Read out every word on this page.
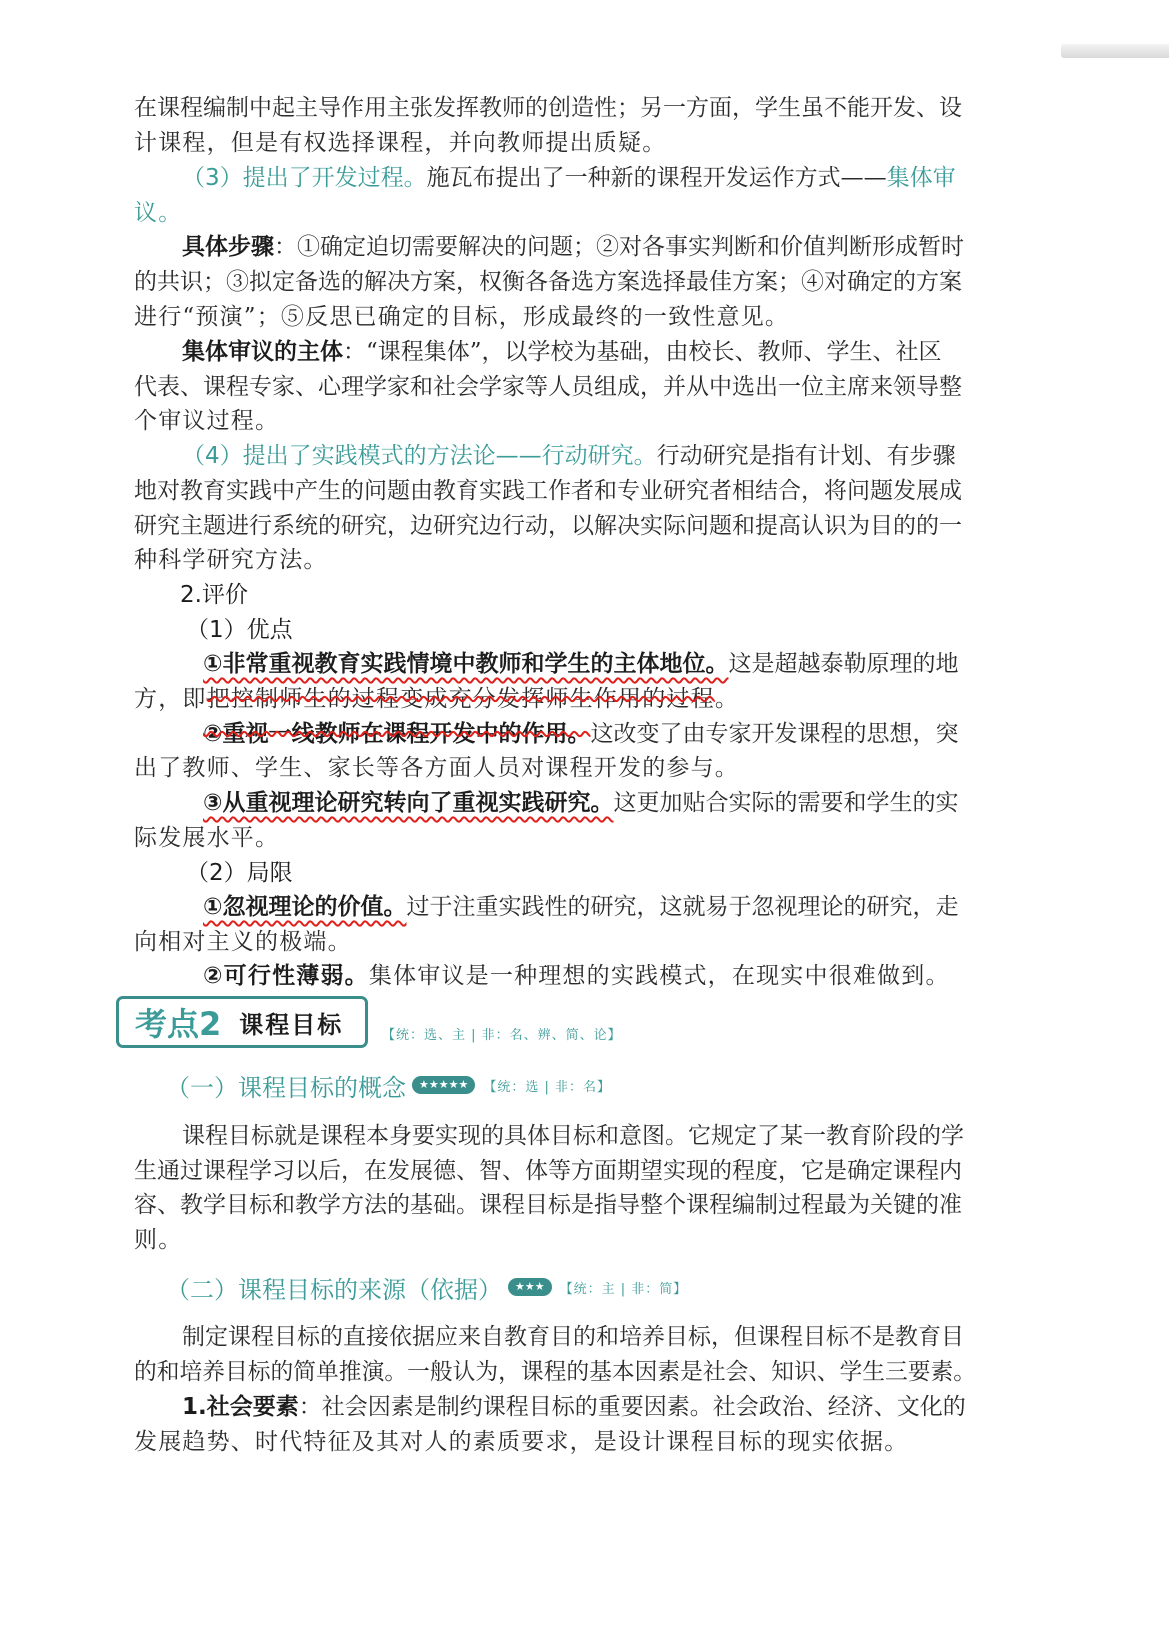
在课程编制中起主导作用主张发挥教师的创造性；另一方面，学生虽不能开发、设

计课程，但是有权选择课程，并向教师提出质疑。

（3）提出了开发过程。施瓦布提出了一种新的课程开发运作方式——集体审

议。

具体步骤：①确定迫切需要解决的问题；②对各事实判断和价值判断形成暂时

的共识；③拟定备选的解决方案，权衡各备选方案选择最佳方案；④对确定的方案

进行“预演”；⑤反思已确定的目标，形成最终的一致性意见。

集体审议的主体：“课程集体”，以学校为基础，由校长、教师、学生、社区

代表、课程专家、心理学家和社会学家等人员组成，并从中选出一位主席来领导整

个审议过程。

（4）提出了实践模式的方法论——行动研究。行动研究是指有计划、有步骤

地对教育实践中产生的问题由教育实践工作者和专业研究者相结合，将问题发展成

研究主题进行系统的研究，边研究边行动，以解决实际问题和提高认识为目的的一

种科学研究方法。

2.评价

（1）优点

①非常重视教育实践情境中教师和学生的主体地位。这是超越泰勒原理的地

方，即把控制师生的过程变成充分发挥师生作用的过程。

②重视一线教师在课程开发中的作用。这改变了由专家开发课程的思想，突

出了教师、学生、家长等各方面人员对课程开发的参与。

③从重视理论研究转向了重视实践研究。这更加贴合实际的需要和学生的实

际发展水平。

（2）局限

①忽视理论的价值。过于注重实践性的研究，这就易于忽视理论的研究，走

向相对主义的极端。

②可行性薄弱。集体审议是一种理想的实践模式，在现实中很难做到。

考点2 课程目标	【统：选、主 | 非：名、辨、简、论】
（一）课程目标的概念	★★★★★	【统：选 | 非：名】

课程目标就是课程本身要实现的具体目标和意图。它规定了某一教育阶段的学

生通过课程学习以后，在发展德、智、体等方面期望实现的程度，它是确定课程内

容、教学目标和教学方法的基础。课程目标是指导整个课程编制过程最为关键的准

则。

（二）课程目标的来源（依据）	★★★	【统：主 | 非：简】

制定课程目标的直接依据应来自教育目的和培养目标，但课程目标不是教育目

的和培养目标的简单推演。一般认为，课程的基本因素是社会、知识、学生三要素。

1.社会要素：社会因素是制约课程目标的重要因素。社会政治、经济、文化的

发展趋势、时代特征及其对人的素质要求，是设计课程目标的现实依据。
